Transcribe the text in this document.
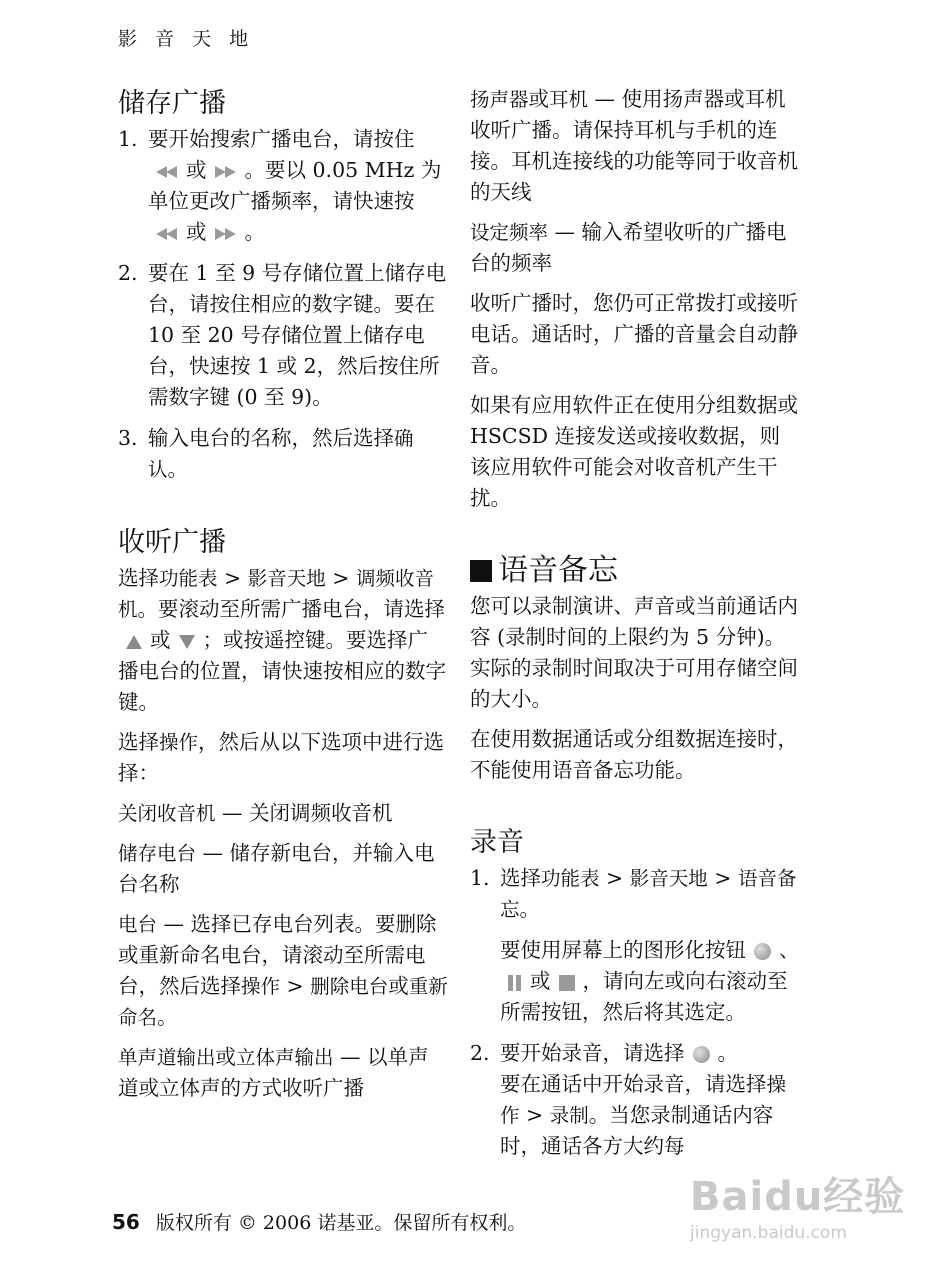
影 音 天 地
储存广播
1. 要开始搜索广播电台，请按住或 。要以 0.05 MHz 为单位更改广播频率，请快速按或 。
2. 要在 1 至 9 号存储位置上储存电台，请按住相应的数字键。要在 10 至 20 号存储位置上储存电台，快速按 1 或 2，然后按住所需数字键 (0 至 9)。
3. 输入电台的名称，然后选择确认。
收听广播

选择功能表 > 影音天地 > 调频收音机。要滚动至所需广播电台，请选择或 ；或按遥控键。要选择广播电台的位置，请快速按相应的数字键。

选择操作，然后从以下选项中进行选择：

关闭收音机 — 关闭调频收音机

储存电台 — 储存新电台，并输入电台名称

电台 — 选择已存电台列表。要删除或重新命名电台，请滚动至所需电台，然后选择操作 > 删除电台或重新命名。

单声道输出或立体声输出 — 以单声道或立体声的方式收听广播

扬声器或耳机 — 使用扬声器或耳机收听广播。请保持耳机与手机的连接。耳机连接线的功能等同于收音机的天线

设定频率 — 输入希望收听的广播电台的频率

收听广播时，您仍可正常拨打或接听电话。通话时，广播的音量会自动静音。

如果有应用软件正在使用分组数据或 HSCSD 连接发送或接收数据，则该应用软件可能会对收音机产生干扰。

语音备忘

您可以录制演讲、声音或当前通话内容 (录制时间的上限约为 5 分钟)。实际的录制时间取决于可用存储空间的大小。

在使用数据通话或分组数据连接时，不能使用语音备忘功能。

录音
1. 选择功能表 > 影音天地 > 语音备忘。
要使用屏幕上的图形化按钮 、或 ，请向左或向右滚动至所需按钮，然后将其选定。
2. 要开始录音，请选择 。
要在通话中开始录音，请选择操作 > 录制。当您录制通话内容时，通话各方大约每
56 版权所有 © 2006 诺基亚。保留所有权利。
Baidu经验
jingyan.baidu.com
